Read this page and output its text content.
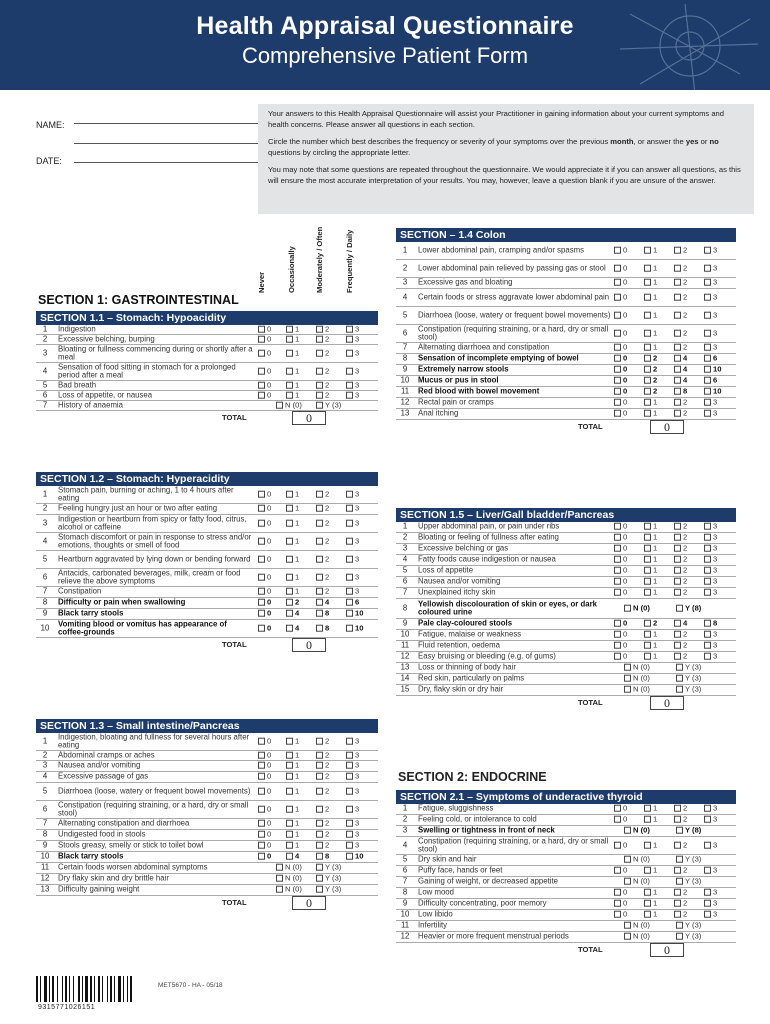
Health Appraisal Questionnaire
Comprehensive Patient Form
NAME:
DATE:

Your answers to this Health Appraisal Questionnaire will assist your Practitioner in gaining information about your current symptoms and health concerns. Please answer all questions in each section.

Circle the number which best describes the frequency or severity of your symptoms over the previous month, or answer the yes or no questions by circling the appropriate letter.

You may note that some questions are repeated throughout the questionnaire. We would appreciate it if you can answer all questions, as this will ensure the most accurate interpretation of your results. You may, however, leave a question blank if you are unsure of the answer.

Never	Occasionally	Moderately / Often	Frequently / Daily
SECTION 1: GASTROINTESTINAL
SECTION 2: ENDOCRINE
SECTION 1.1 – Stomach: Hypoacidity
1	Indigestion	0	1	2	3
2	Excessive belching, burping	0	1	2	3
3	Bloating or fullness commencing during or shortly after a meal	0	1	2	3
4	Sensation of food sitting in stomach for a prolonged period after a meal	0	1	2	3
5	Bad breath	0	1	2	3
6	Loss of appetite, or nausea	0	1	2	3
7	History of anaemia	N (0)	Y (3)
TOTAL	0
SECTION 1.2 – Stomach: Hyperacidity
1	Stomach pain, burning or aching, 1 to 4 hours after eating	0	1	2	3
2	Feeling hungry just an hour or two after eating	0	1	2	3
3	Indigestion or heartburn from spicy or fatty food, citrus, alcohol or caffeine	0	1	2	3
4	Stomach discomfort or pain in response to stress and/or emotions, thoughts or smell of food	0	1	2	3
5	Heartburn aggravated by lying down or bending forward	0	1	2	3
6	Antacids, carbonated beverages, milk, cream or food relieve the above symptoms	0	1	2	3
7	Constipation	0	1	2	3
8	Difficulty or pain when swallowing	0	2	4	6
9	Black tarry stools	0	4	8	10
10	Vomiting blood or vomitus has appearance of coffee-grounds	0	4	8	10
TOTAL	0
SECTION 1.3 – Small intestine/Pancreas
1	Indigestion, bloating and fullness for several hours after eating	0	1	2	3
2	Abdominal cramps or aches	0	1	2	3
3	Nausea and/or vomiting	0	1	2	3
4	Excessive passage of gas	0	1	2	3
5	Diarrhoea (loose, watery or frequent bowel movements)	0	1	2	3
6	Constipation (requiring straining, or a hard, dry or small stool)	0	1	2	3
7	Alternating constipation and diarrhoea	0	1	2	3
8	Undigested food in stools	0	1	2	3
9	Stools greasy, smelly or stick to toilet bowl	0	1	2	3
10	Black tarry stools	0	4	8	10
11	Certain foods worsen abdominal symptoms	N (0)	Y (3)
12	Dry flaky skin and dry brittle hair	N (0)	Y (3)
13	Difficulty gaining weight	N (0)	Y (3)
TOTAL	0
SECTION – 1.4 Colon
1	Lower abdominal pain, cramping and/or spasms	0	1	2	3
2	Lower abdominal pain relieved by passing gas or stool	0	1	2	3
3	Excessive gas and bloating	0	1	2	3
4	Certain foods or stress aggravate lower abdominal pain	0	1	2	3
5	Diarrhoea (loose, watery or frequent bowel movements)	0	1	2	3
6	Constipation (requiring straining, or a hard, dry or small stool)	0	1	2	3
7	Alternating diarrhoea and constipation	0	1	2	3
8	Sensation of incomplete emptying of bowel	0	2	4	6
9	Extremely narrow stools	0	2	4	10
10	Mucus or pus in stool	0	2	4	6
11	Red blood with bowel movement	0	2	8	10
12	Rectal pain or cramps	0	1	2	3
13	Anal itching	0	1	2	3
TOTAL	0
SECTION 1.5 – Liver/Gall bladder/Pancreas
1	Upper abdominal pain, or pain under ribs	0	1	2	3
2	Bloating or feeling of fullness after eating	0	1	2	3
3	Excessive belching or gas	0	1	2	3
4	Fatty foods cause indigestion or nausea	0	1	2	3
5	Loss of appetite	0	1	2	3
6	Nausea and/or vomiting	0	1	2	3
7	Unexplained itchy skin	0	1	2	3
8	Yellowish discolouration of skin or eyes, or dark coloured urine	N (0)	Y (8)
9	Pale clay-coloured stools	0	2	4	8
10	Fatigue, malaise or weakness	0	1	2	3
11	Fluid retention, oedema	0	1	2	3
12	Easy bruising or bleeding (e.g. of gums)	0	1	2	3
13	Loss or thinning of body hair	N (0)	Y (3)
14	Red skin, particularly on palms	N (0)	Y (3)
15	Dry, flaky skin or dry hair	N (0)	Y (3)
TOTAL	0
SECTION 2.1 – Symptoms of underactive thyroid
1	Fatigue, sluggishness	0	1	2	3
2	Feeling cold, or intolerance to cold	0	1	2	3
3	Swelling or tightness in front of neck	N (0)	Y (8)
4	Constipation (requiring straining, or a hard, dry or small stool)	0	1	2	3
5	Dry skin and hair	N (0)	Y (3)
6	Puffy face, hands or feet	0	1	2	3
7	Gaining of weight, or decreased appetite	N (0)	Y (3)
8	Low mood	0	1	2	3
9	Difficulty concentrating, poor memory	0	1	2	3
10	Low libido	0	1	2	3
11	Infertility	N (0)	Y (3)
12	Heavier or more frequent menstrual periods	N (0)	Y (3)
TOTAL	0
9315771026151
MET5670 - HA - 05/18
